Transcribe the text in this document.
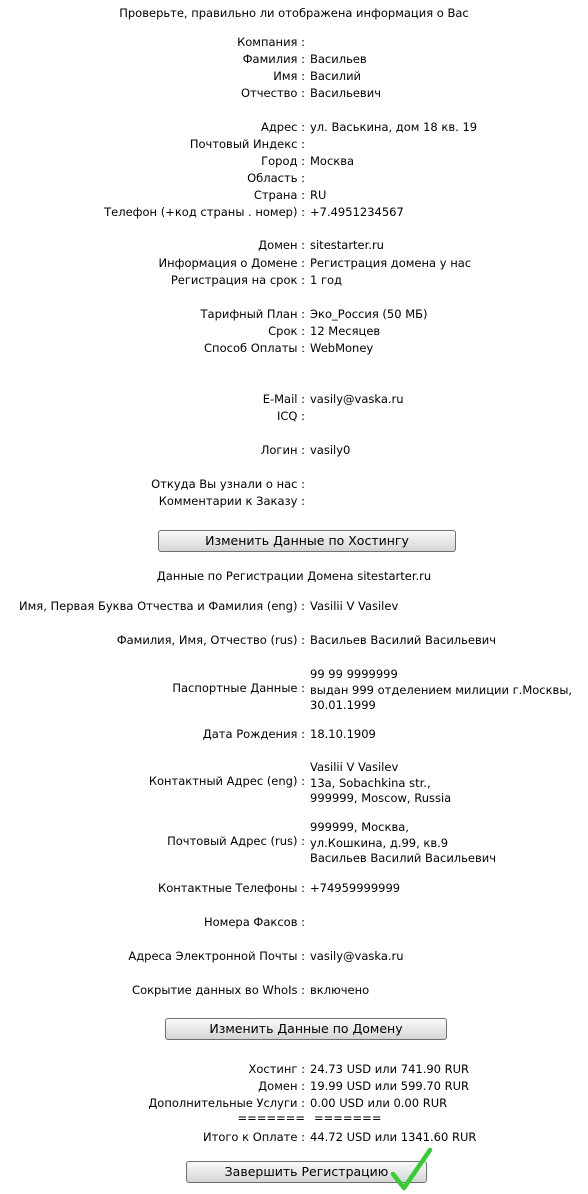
Проверьте, правильно ли отображена информация о Вас
Компания :
Фамилия : Васильев
Имя : Василий
Отчество : Васильевич
Адрес : ул. Васькина, дом 18 кв. 19
Почтовый Индекс :
Город : Москва
Область :
Страна : RU
Телефон (+код страны . номер) : +7.4951234567
Домен : sitestarter.ru
Информация о Домене : Регистрация домена у нас
Регистрация на срок : 1 год
Тарифный План : Эко_Россия (50 МБ)
Срок : 12 Месяцев
Способ Оплаты : WebMoney
E-Mail : vasily@vaska.ru
ICQ :
Логин : vasily0
Откуда Вы узнали о нас :
Комментарии к Заказу :
Изменить Данные по Хостингу
Данные по Регистрации Домена sitestarter.ru
Имя, Первая Буква Отчества и Фамилия (eng) : Vasilii V Vasilev
Фамилия, Имя, Отчество (rus) : Васильев Василий Васильевич
Паспортные Данные :
99 99 9999999
выдан 999 отделением милиции г.Москвы,
30.01.1999
Дата Рождения : 18.10.1909
Контактный Адрес (eng) :
Vasilii V Vasilev
13a, Sobachkina str.,
999999, Moscow, Russia
Почтовый Адрес (rus) :
999999, Москва,
ул.Кошкина, д.99, кв.9
Васильев Василий Васильевич
Контактные Телефоны : +74959999999
Номера Факсов :
Адреса Электронной Почты : vasily@vaska.ru
Сокрытие данных во WhoIs : включено
Изменить Данные по Домену
Хостинг : 24.73 USD или 741.90 RUR
Домен : 19.99 USD или 599.70 RUR
Дополнительные Услуги : 0.00 USD или 0.00 RUR
======= =======
Итого к Оплате : 44.72 USD или 1341.60 RUR
Завершить Регистрацию
